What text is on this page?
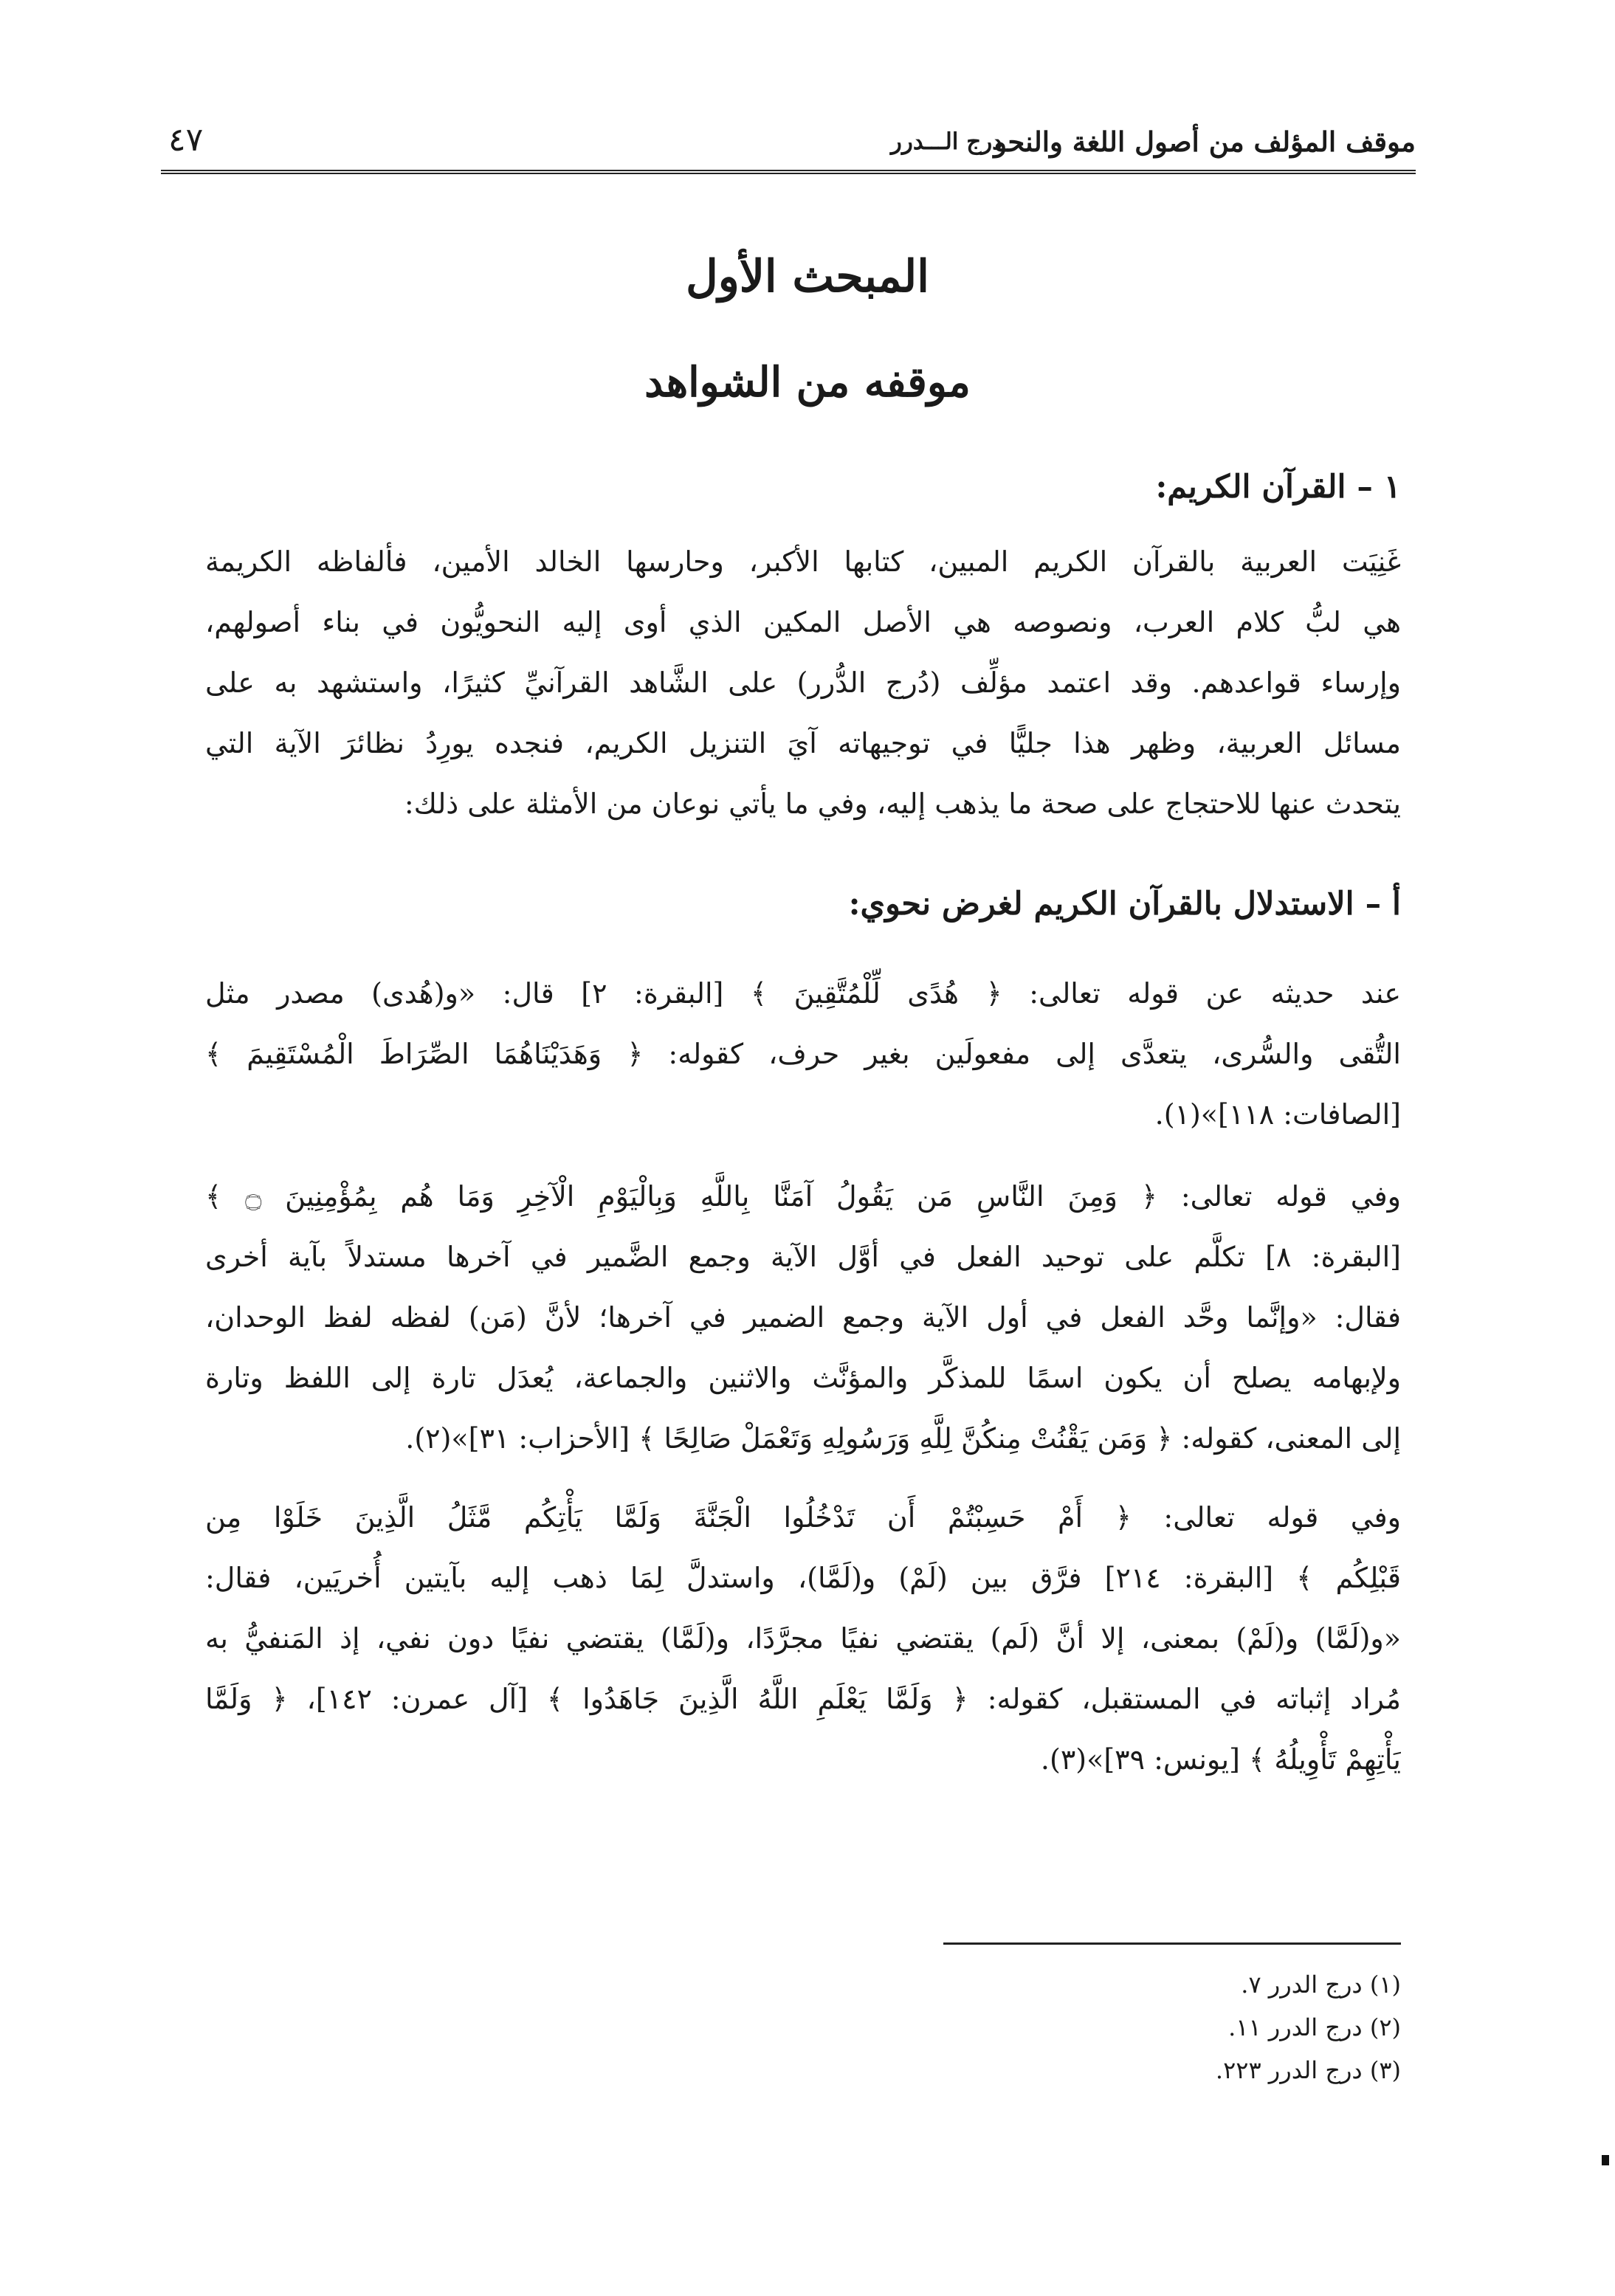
موقف المؤلف من أصول اللغة والنحو
درج الـــدرر
٤٧
المبحث الأول
موقفه من الشواهد
١ – القرآن الكريم:
غَنِيَت العربية بالقرآن الكريم المبين، كتابها الأكبر، وحارسها الخالد الأمين، فألفاظه الكريمة
هي لبُّ كلام العرب، ونصوصه هي الأصل المكين الذي أوى إليه النحويُّون في بناء أصولهم،
وإرساء قواعدهم. وقد اعتمد مؤلِّف (دُرج الدُّرر) على الشَّاهد القرآنيِّ كثيرًا، واستشهد به على
مسائل العربية، وظهر هذا جليًّا في توجيهاته آيَ التنزيل الكريم، فنجده يورِدُ نظائرَ الآية التي
يتحدث عنها للاحتجاج على صحة ما يذهب إليه، وفي ما يأتي نوعان من الأمثلة على ذلك:
أ – الاستدلال بالقرآن الكريم لغرض نحوي:
عند حديثه عن قوله تعالى: ﴿ هُدًى لِّلْمُتَّقِينَ ﴾ [البقرة: ٢] قال: «و(هُدى) مصدر مثل
التُّقى والسُّرى، يتعدَّى إلى مفعولَين بغير حرف، كقوله: ﴿ وَهَدَيْنَاهُمَا الصِّرَاطَ الْمُسْتَقِيمَ ﴾
[الصافات: ١١٨]»(١).
وفي قوله تعالى: ﴿ وَمِنَ النَّاسِ مَن يَقُولُ آمَنَّا بِاللَّهِ وَبِالْيَوْمِ الْآخِرِ وَمَا هُم بِمُؤْمِنِينَ ۝ ﴾
[البقرة: ٨] تكلَّم على توحيد الفعل في أوَّل الآية وجمع الضَّمير في آخرها مستدلاً بآية أخرى
فقال: «وإنَّما وحَّد الفعل في أول الآية وجمع الضمير في آخرها؛ لأنَّ (مَن) لفظه لفظ الوحدان،
ولإبهامه يصلح أن يكون اسمًا للمذكَّر والمؤنَّث والاثنين والجماعة، يُعدَل تارة إلى اللفظ وتارة
إلى المعنى، كقوله: ﴿ وَمَن يَقْنُتْ مِنكُنَّ لِلَّهِ وَرَسُولِهِ وَتَعْمَلْ صَالِحًا ﴾ [الأحزاب: ٣١]»(٢).
وفي قوله تعالى: ﴿ أَمْ حَسِبْتُمْ أَن تَدْخُلُوا الْجَنَّةَ وَلَمَّا يَأْتِكُم مَّثَلُ الَّذِينَ خَلَوْا مِن
قَبْلِكُم ﴾ [البقرة: ٢١٤] فرَّق بين (لَمْ) و(لَمَّا)، واستدلَّ لِمَا ذهب إليه بآيتين أُخريَين، فقال:
«و(لَمَّا) و(لَمْ) بمعنى، إلا أنَّ (لَم) يقتضي نفيًا مجرَّدًا، و(لَمَّا) يقتضي نفيًا دون نفي، إذ المَنفيُّ به
مُراد إثباته في المستقبل، كقوله: ﴿ وَلَمَّا يَعْلَمِ اللَّهُ الَّذِينَ جَاهَدُوا ﴾ [آل عمرن: ١٤٢]، ﴿ وَلَمَّا
يَأْتِهِمْ تَأْوِيلُهُ ﴾ [يونس: ٣٩]»(٣).
(١) درج الدرر ٧.
(٢) درج الدرر ١١.
(٣) درج الدرر ٢٢٣.
